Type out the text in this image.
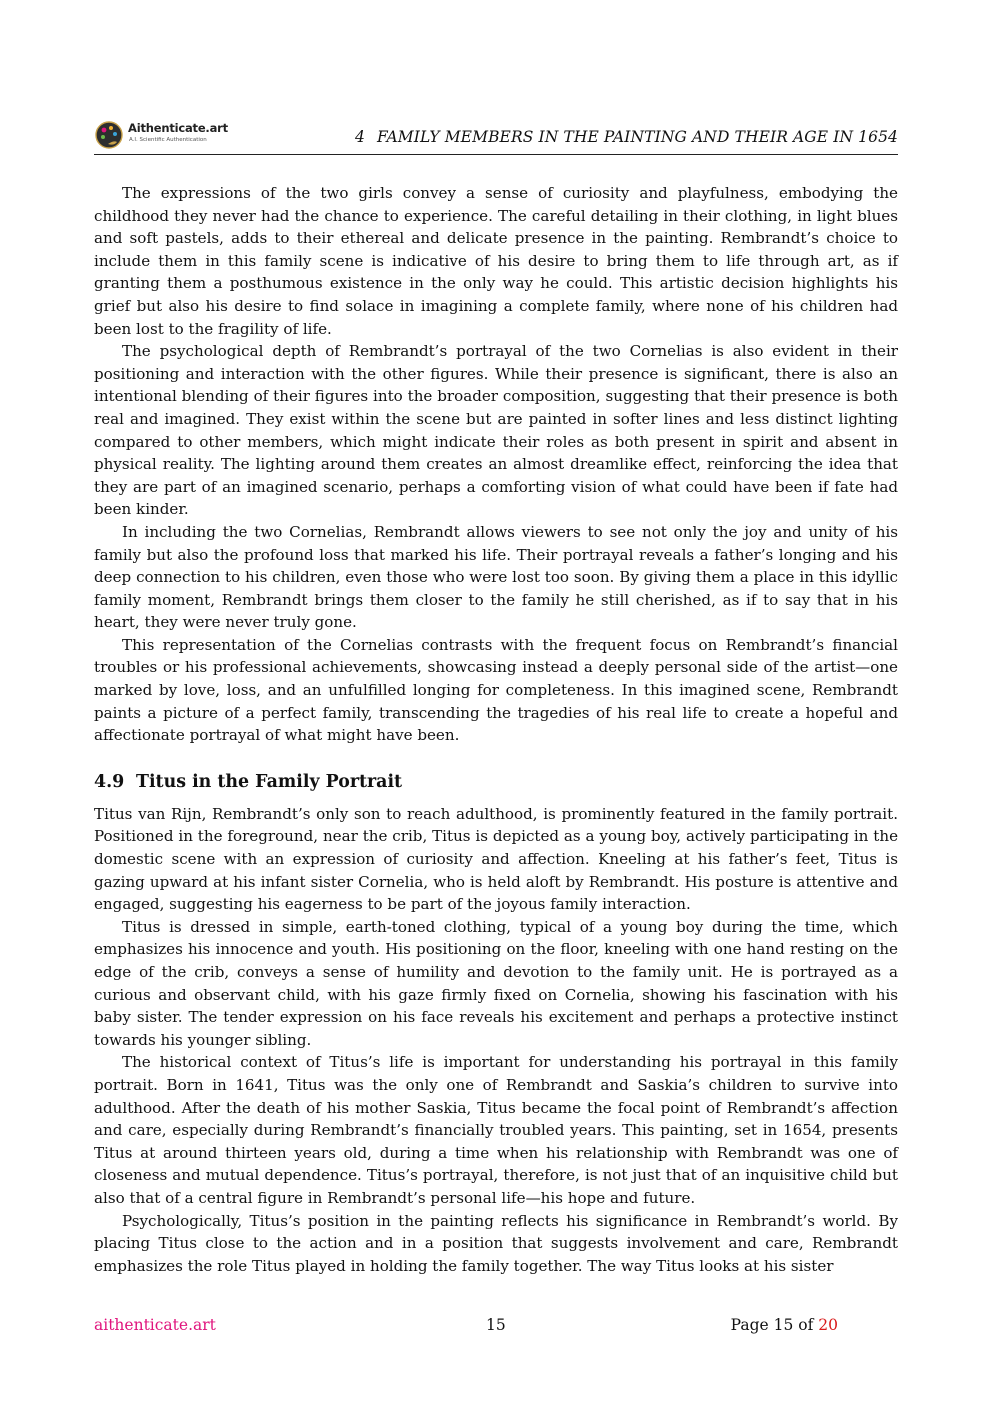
Aithenticate.art
A.I. Scientific Authentication	4 FAMILY MEMBERS IN THE PAINTING AND THEIR AGE IN 1654

The expressions of the two girls convey a sense of curiosity and playfulness, embodying the childhood they never had the chance to experience. The careful detailing in their clothing, in light blues and soft pastels, adds to their ethereal and delicate presence in the painting. Rembrandt’s choice to include them in this family scene is indicative of his desire to bring them to life through art, as if granting them a posthumous existence in the only way he could. This artistic decision highlights his grief but also his desire to find solace in imagining a complete family, where none of his children had been lost to the fragility of life.

The psychological depth of Rembrandt’s portrayal of the two Cornelias is also evident in their positioning and interaction with the other figures. While their presence is significant, there is also an intentional blending of their figures into the broader composition, suggesting that their presence is both real and imagined. They exist within the scene but are painted in softer lines and less distinct lighting compared to other members, which might indicate their roles as both present in spirit and absent in physical reality. The lighting around them creates an almost dreamlike effect, reinforcing the idea that they are part of an imagined scenario, perhaps a comforting vision of what could have been if fate had been kinder.

In including the two Cornelias, Rembrandt allows viewers to see not only the joy and unity of his family but also the profound loss that marked his life. Their portrayal reveals a father’s longing and his deep connection to his children, even those who were lost too soon. By giving them a place in this idyllic family moment, Rembrandt brings them closer to the family he still cherished, as if to say that in his heart, they were never truly gone.

This representation of the Cornelias contrasts with the frequent focus on Rembrandt’s financial troubles or his professional achievements, showcasing instead a deeply personal side of the artist—one marked by love, loss, and an unfulfilled longing for completeness. In this imagined scene, Rembrandt paints a picture of a perfect family, transcending the tragedies of his real life to create a hopeful and affectionate portrayal of what might have been.

4.9 Titus in the Family Portrait

Titus van Rijn, Rembrandt’s only son to reach adulthood, is prominently featured in the family portrait. Positioned in the foreground, near the crib, Titus is depicted as a young boy, actively participating in the domestic scene with an expression of curiosity and affection. Kneeling at his father’s feet, Titus is gazing upward at his infant sister Cornelia, who is held aloft by Rembrandt. His posture is attentive and engaged, suggesting his eagerness to be part of the joyous family interaction.

Titus is dressed in simple, earth-toned clothing, typical of a young boy during the time, which emphasizes his innocence and youth. His positioning on the floor, kneeling with one hand resting on the edge of the crib, conveys a sense of humility and devotion to the family unit. He is portrayed as a curious and observant child, with his gaze firmly fixed on Cornelia, showing his fascination with his baby sister. The tender expression on his face reveals his excitement and perhaps a protective instinct towards his younger sibling.

The historical context of Titus’s life is important for understanding his portrayal in this family portrait. Born in 1641, Titus was the only one of Rembrandt and Saskia’s children to survive into adulthood. After the death of his mother Saskia, Titus became the focal point of Rembrandt’s affection and care, especially during Rembrandt’s financially troubled years. This painting, set in 1654, presents Titus at around thirteen years old, during a time when his relationship with Rembrandt was one of closeness and mutual dependence. Titus’s portrayal, therefore, is not just that of an inquisitive child but also that of a central figure in Rembrandt’s personal life—his hope and future.

Psychologically, Titus’s position in the painting reflects his significance in Rembrandt’s world. By placing Titus close to the action and in a position that suggests involvement and care, Rembrandt emphasizes the role Titus played in holding the family together. The way Titus looks at his sister

aithenticate.art	15	Page 15 of 20
